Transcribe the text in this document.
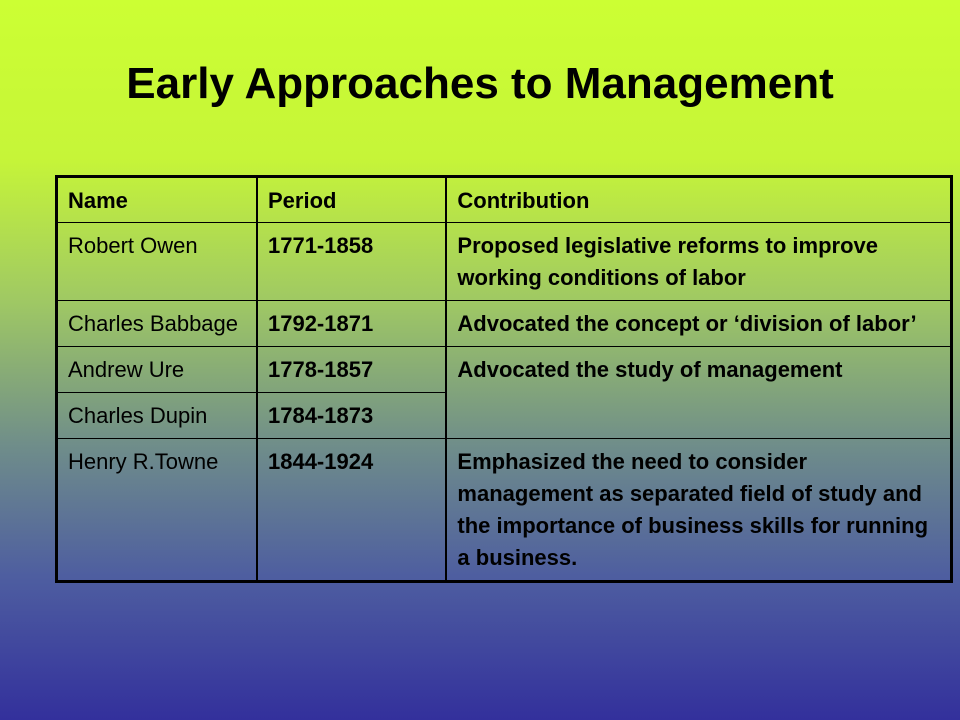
Early Approaches to Management
Name	Period	Contribution
Robert Owen	1771-1858	Proposed legislative reforms to improve working conditions of labor
Charles Babbage	1792-1871	Advocated the concept or ‘division of labor’
Andrew Ure	1778-1857	Advocated the study of management
Charles Dupin	1784-1873	
Henry R.Towne	1844-1924	Emphasized the need to consider management as separated field of study and the importance of business skills for running a business.
